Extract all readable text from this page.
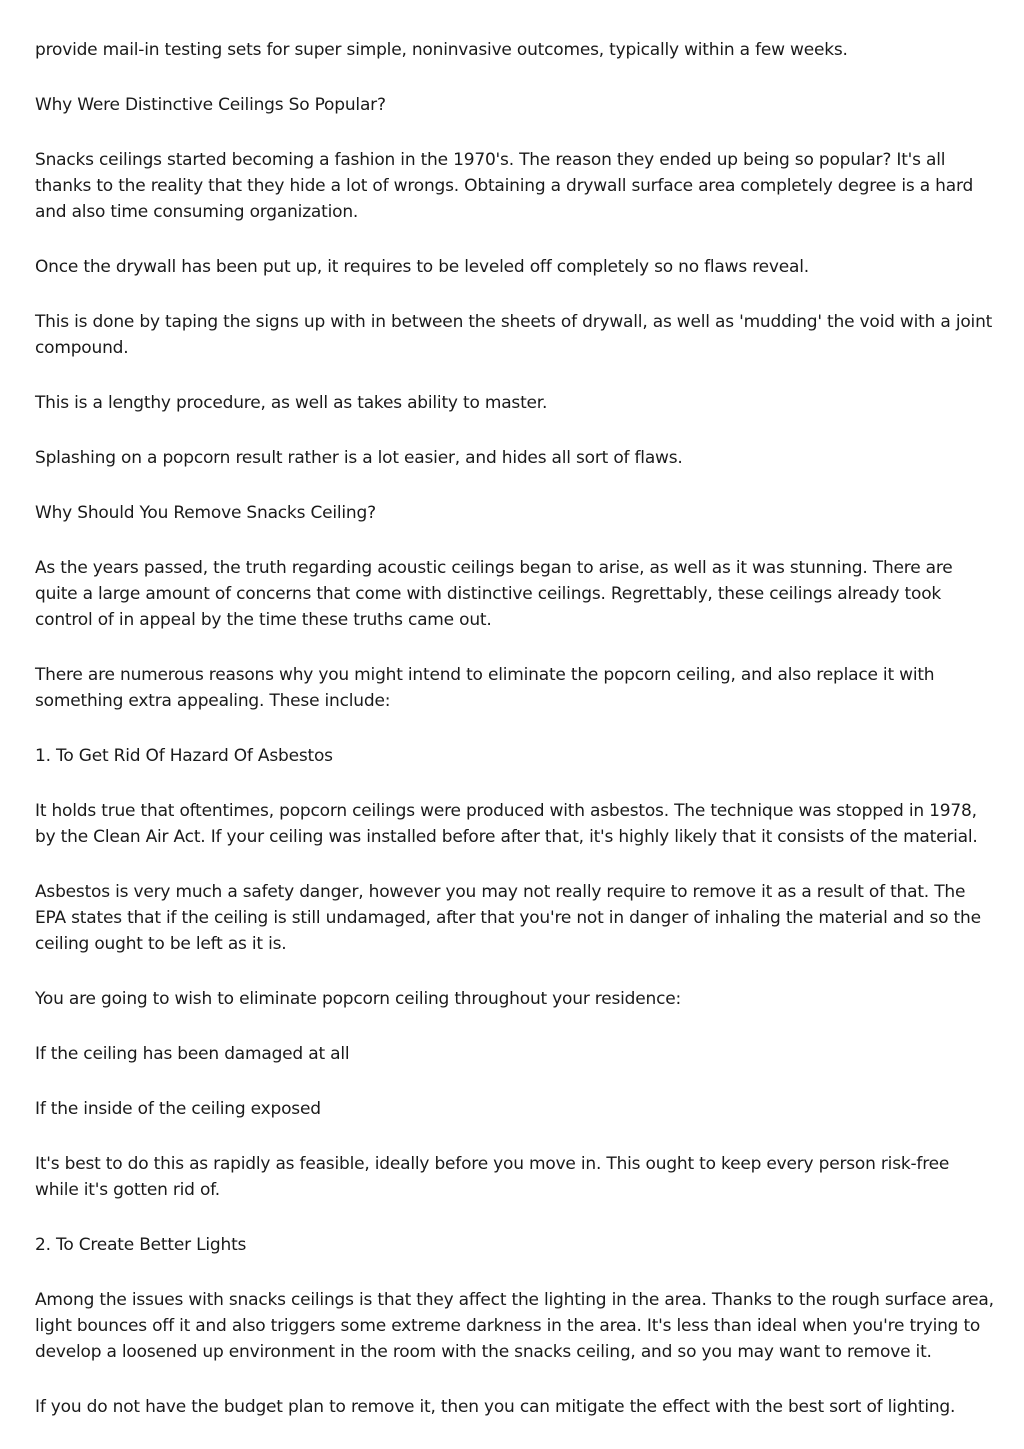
provide mail-in testing sets for super simple, noninvasive outcomes, typically within a few weeks.

Why Were Distinctive Ceilings So Popular?

Snacks ceilings started becoming a fashion in the 1970's. The reason they ended up being so popular? It's all thanks to the reality that they hide a lot of wrongs. Obtaining a drywall surface area completely degree is a hard and also time consuming organization.

Once the drywall has been put up, it requires to be leveled off completely so no flaws reveal.

This is done by taping the signs up with in between the sheets of drywall, as well as 'mudding' the void with a joint compound.

This is a lengthy procedure, as well as takes ability to master.

Splashing on a popcorn result rather is a lot easier, and hides all sort of flaws.

Why Should You Remove Snacks Ceiling?

As the years passed, the truth regarding acoustic ceilings began to arise, as well as it was stunning. There are quite a large amount of concerns that come with distinctive ceilings. Regrettably, these ceilings already took control of in appeal by the time these truths came out.

There are numerous reasons why you might intend to eliminate the popcorn ceiling, and also replace it with something extra appealing. These include:

1. To Get Rid Of Hazard Of Asbestos

It holds true that oftentimes, popcorn ceilings were produced with asbestos. The technique was stopped in 1978, by the Clean Air Act. If your ceiling was installed before after that, it's highly likely that it consists of the material.

Asbestos is very much a safety danger, however you may not really require to remove it as a result of that. The EPA states that if the ceiling is still undamaged, after that you're not in danger of inhaling the material and so the ceiling ought to be left as it is.

You are going to wish to eliminate popcorn ceiling throughout your residence:

If the ceiling has been damaged at all

If the inside of the ceiling exposed

It's best to do this as rapidly as feasible, ideally before you move in. This ought to keep every person risk-free while it's gotten rid of.

2. To Create Better Lights

Among the issues with snacks ceilings is that they affect the lighting in the area. Thanks to the rough surface area, light bounces off it and also triggers some extreme darkness in the area. It's less than ideal when you're trying to develop a loosened up environment in the room with the snacks ceiling, and so you may want to remove it.

If you do not have the budget plan to remove it, then you can mitigate the effect with the best sort of lighting.
